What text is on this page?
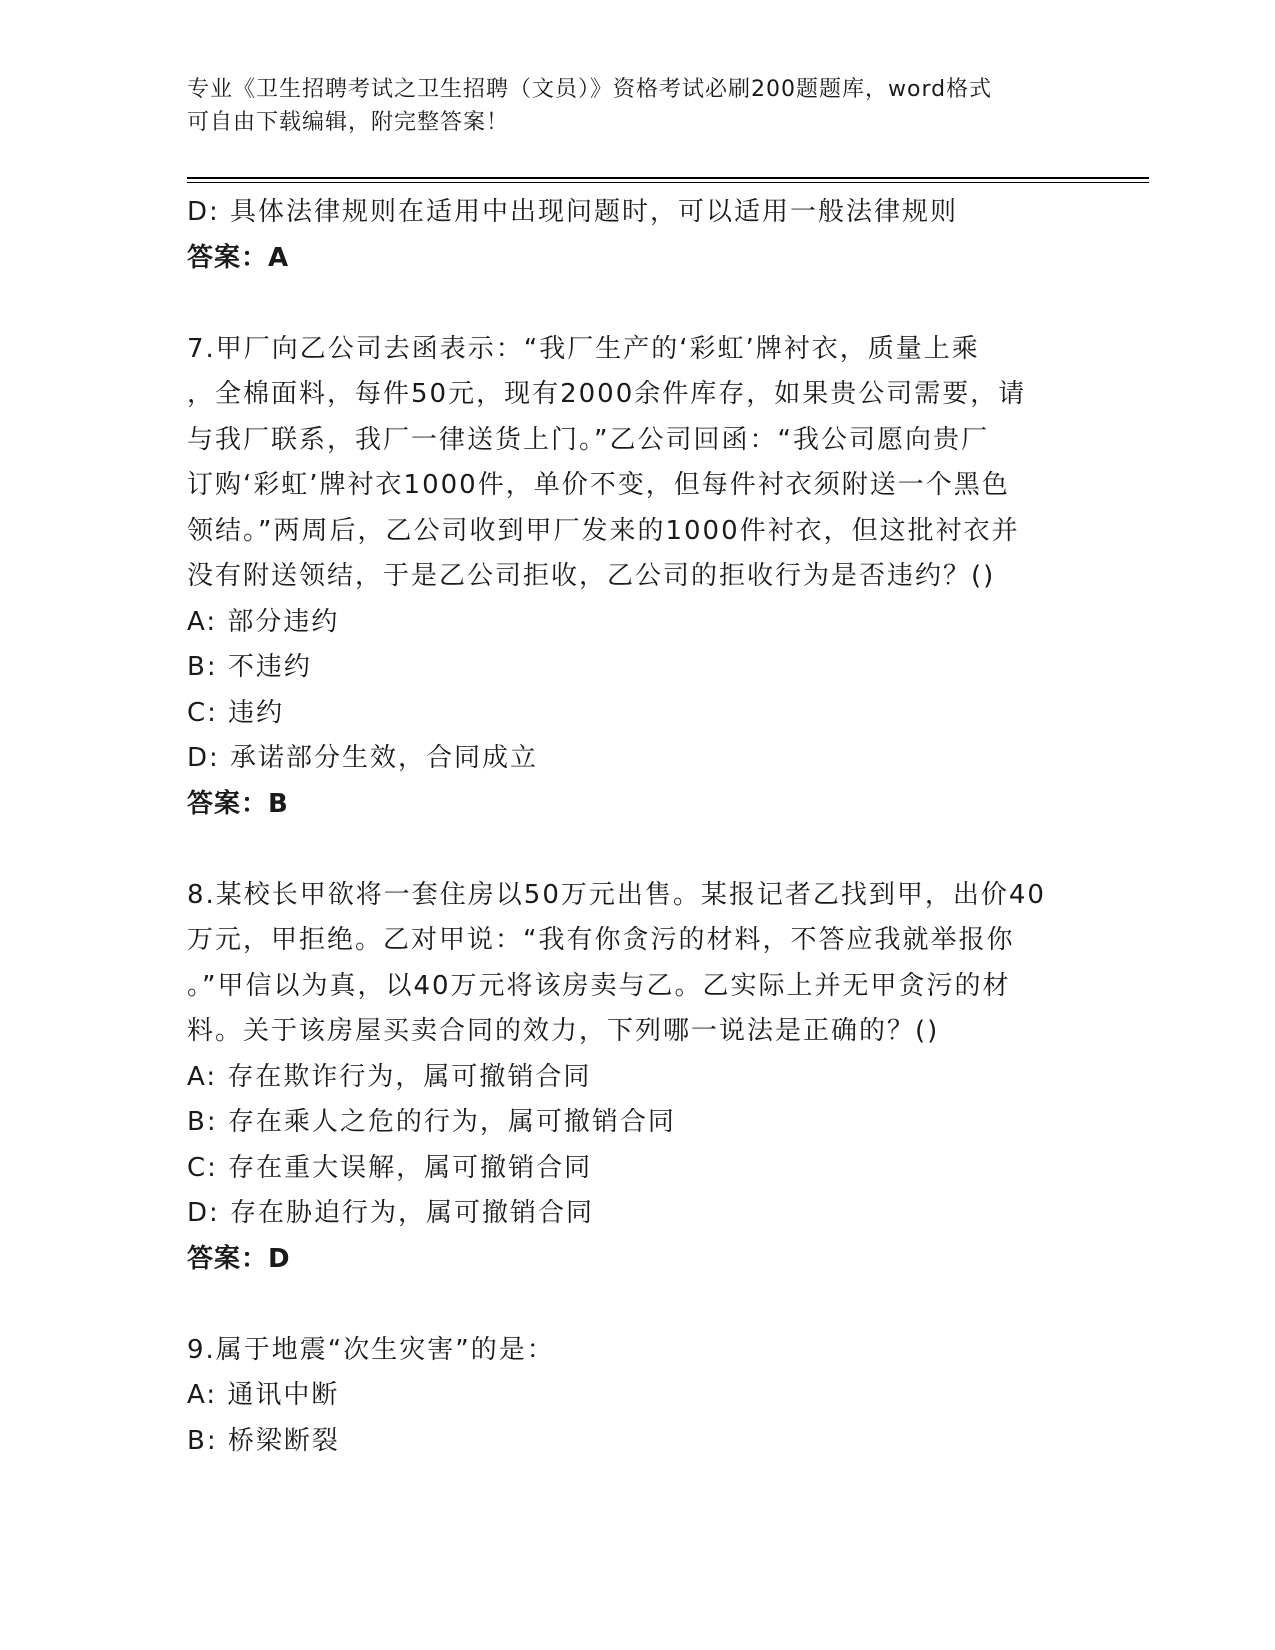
专业《卫生招聘考试之卫生招聘（文员）》资格考试必刷200题题库，word格式
可自由下载编辑，附完整答案！
D: 具体法律规则在适用中出现问题时，可以适用一般法律规则
答案：A
7.甲厂向乙公司去函表示：“我厂生产的‘彩虹’牌衬衣，质量上乘
，全棉面料，每件50元，现有2000余件库存，如果贵公司需要，请
与我厂联系，我厂一律送货上门。”乙公司回函：“我公司愿向贵厂
订购‘彩虹’牌衬衣1000件，单价不变，但每件衬衣须附送一个黑色
领结。”两周后，乙公司收到甲厂发来的1000件衬衣，但这批衬衣并
没有附送领结，于是乙公司拒收，乙公司的拒收行为是否违约？()
A: 部分违约
B: 不违约
C: 违约
D: 承诺部分生效，合同成立
答案：B
8.某校长甲欲将一套住房以50万元出售。某报记者乙找到甲，出价40
万元，甲拒绝。乙对甲说：“我有你贪污的材料，不答应我就举报你
。”甲信以为真，以40万元将该房卖与乙。乙实际上并无甲贪污的材
料。关于该房屋买卖合同的效力，下列哪一说法是正确的？()
A: 存在欺诈行为，属可撤销合同
B: 存在乘人之危的行为，属可撤销合同
C: 存在重大误解，属可撤销合同
D: 存在胁迫行为，属可撤销合同
答案：D
9.属于地震“次生灾害”的是：
A: 通讯中断
B: 桥梁断裂
